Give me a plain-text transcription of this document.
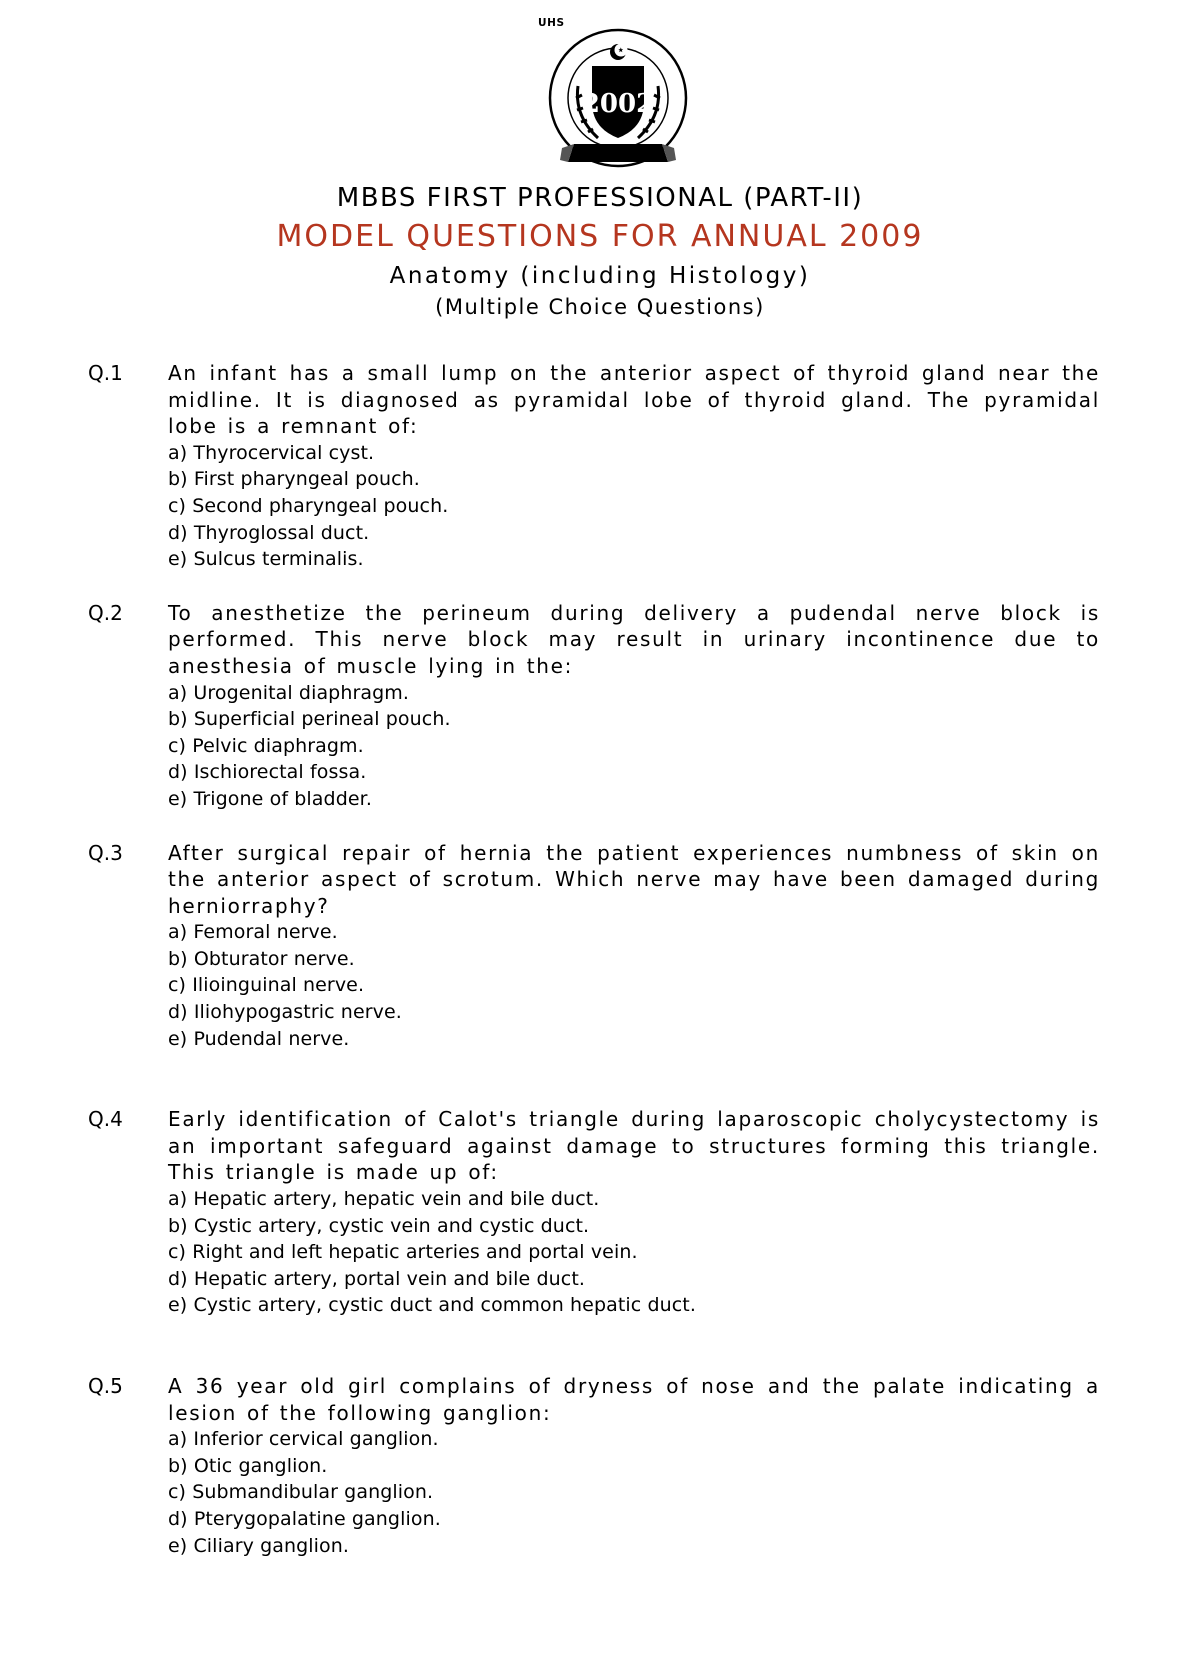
UHS
2002
MBBS FIRST PROFESSIONAL (PART-II)
MODEL QUESTIONS FOR ANNUAL 2009
Anatomy (including Histology)
(Multiple Choice Questions)
Q.1 An infant has a small lump on the anterior aspect of thyroid gland near the midline. It is diagnosed as pyramidal lobe of thyroid gland. The pyramidal lobe is a remnant of:
a) Thyrocervical cyst.
b) First pharyngeal pouch.
c) Second pharyngeal pouch.
d) Thyroglossal duct.
e) Sulcus terminalis.
Q.2 To anesthetize the perineum during delivery a pudendal nerve block is performed. This nerve block may result in urinary incontinence due to anesthesia of muscle lying in the:
a) Urogenital diaphragm.
b) Superficial perineal pouch.
c) Pelvic diaphragm.
d) Ischiorectal fossa.
e) Trigone of bladder.
Q.3 After surgical repair of hernia the patient experiences numbness of skin on the anterior aspect of scrotum. Which nerve may have been damaged during herniorraphy?
a) Femoral nerve.
b) Obturator nerve.
c) Ilioinguinal nerve.
d) Iliohypogastric nerve.
e) Pudendal nerve.
Q.4 Early identification of Calot's triangle during laparoscopic cholycystectomy is an important safeguard against damage to structures forming this triangle. This triangle is made up of:
a) Hepatic artery, hepatic vein and bile duct.
b) Cystic artery, cystic vein and cystic duct.
c) Right and left hepatic arteries and portal vein.
d) Hepatic artery, portal vein and bile duct.
e) Cystic artery, cystic duct and common hepatic duct.
Q.5 A 36 year old girl complains of dryness of nose and the palate indicating a lesion of the following ganglion:
a) Inferior cervical ganglion.
b) Otic ganglion.
c) Submandibular ganglion.
d) Pterygopalatine ganglion.
e) Ciliary ganglion.
